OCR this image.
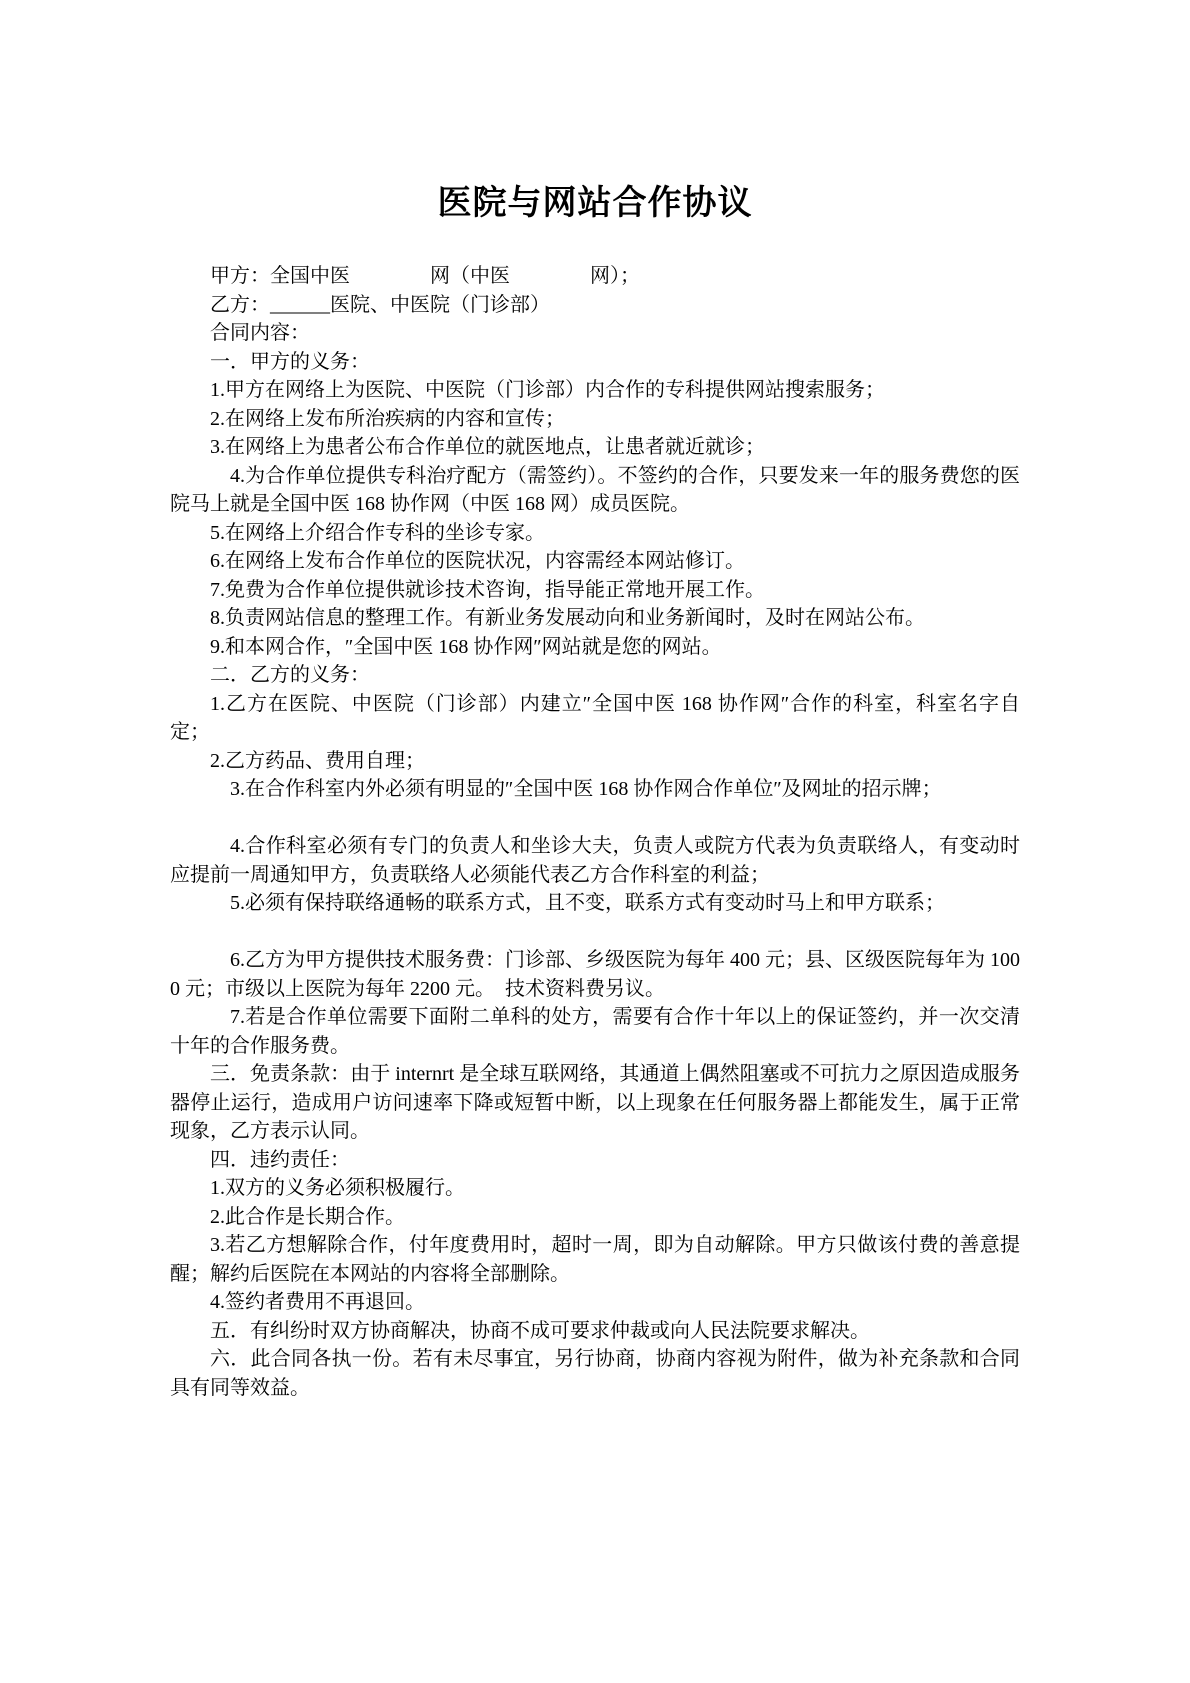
医院与网站合作协议

甲方：全国中医　　　　网（中医　　　　网）；

乙方：______医院、中医院（门诊部）

合同内容：

一．甲方的义务：

1.甲方在网络上为医院、中医院（门诊部）内合作的专科提供网站搜索服务；

2.在网络上发布所治疾病的内容和宣传；

3.在网络上为患者公布合作单位的就医地点，让患者就近就诊；

4.为合作单位提供专科治疗配方（需签约）。不签约的合作，只要发来一年的服务费您的医院马上就是全国中医 168 协作网（中医 168 网）成员医院。

5.在网络上介绍合作专科的坐诊专家。

6.在网络上发布合作单位的医院状况，内容需经本网站修订。

7.免费为合作单位提供就诊技术咨询，指导能正常地开展工作。

8.负责网站信息的整理工作。有新业务发展动向和业务新闻时，及时在网站公布。

9.和本网合作，″全国中医 168 协作网″网站就是您的网站。

二．乙方的义务：

1.乙方在医院、中医院（门诊部）内建立″全国中医 168 协作网″合作的科室，科室名字自定；

2.乙方药品、费用自理；

3.在合作科室内外必须有明显的″全国中医 168 协作网合作单位″及网址的招示牌；

4.合作科室必须有专门的负责人和坐诊大夫，负责人或院方代表为负责联络人，有变动时应提前一周通知甲方，负责联络人必须能代表乙方合作科室的利益；

5.必须有保持联络通畅的联系方式，且不变，联系方式有变动时马上和甲方联系；

6.乙方为甲方提供技术服务费：门诊部、乡级医院为每年 400 元；县、区级医院每年为 1000 元；市级以上医院为每年 2200 元。  技术资料费另议。

7.若是合作单位需要下面附二单科的处方，需要有合作十年以上的保证签约，并一次交清十年的合作服务费。

三．免责条款：由于 internrt 是全球互联网络，其通道上偶然阻塞或不可抗力之原因造成服务器停止运行，造成用户访问速率下降或短暂中断，以上现象在任何服务器上都能发生，属于正常现象，乙方表示认同。

四．违约责任：

1.双方的义务必须积极履行。

2.此合作是长期合作。

3.若乙方想解除合作，付年度费用时，超时一周，即为自动解除。甲方只做该付费的善意提醒；解约后医院在本网站的内容将全部删除。

4.签约者费用不再退回。

五．有纠纷时双方协商解决，协商不成可要求仲裁或向人民法院要求解决。

六．此合同各执一份。若有未尽事宜，另行协商，协商内容视为附件，做为补充条款和合同具有同等效益。
